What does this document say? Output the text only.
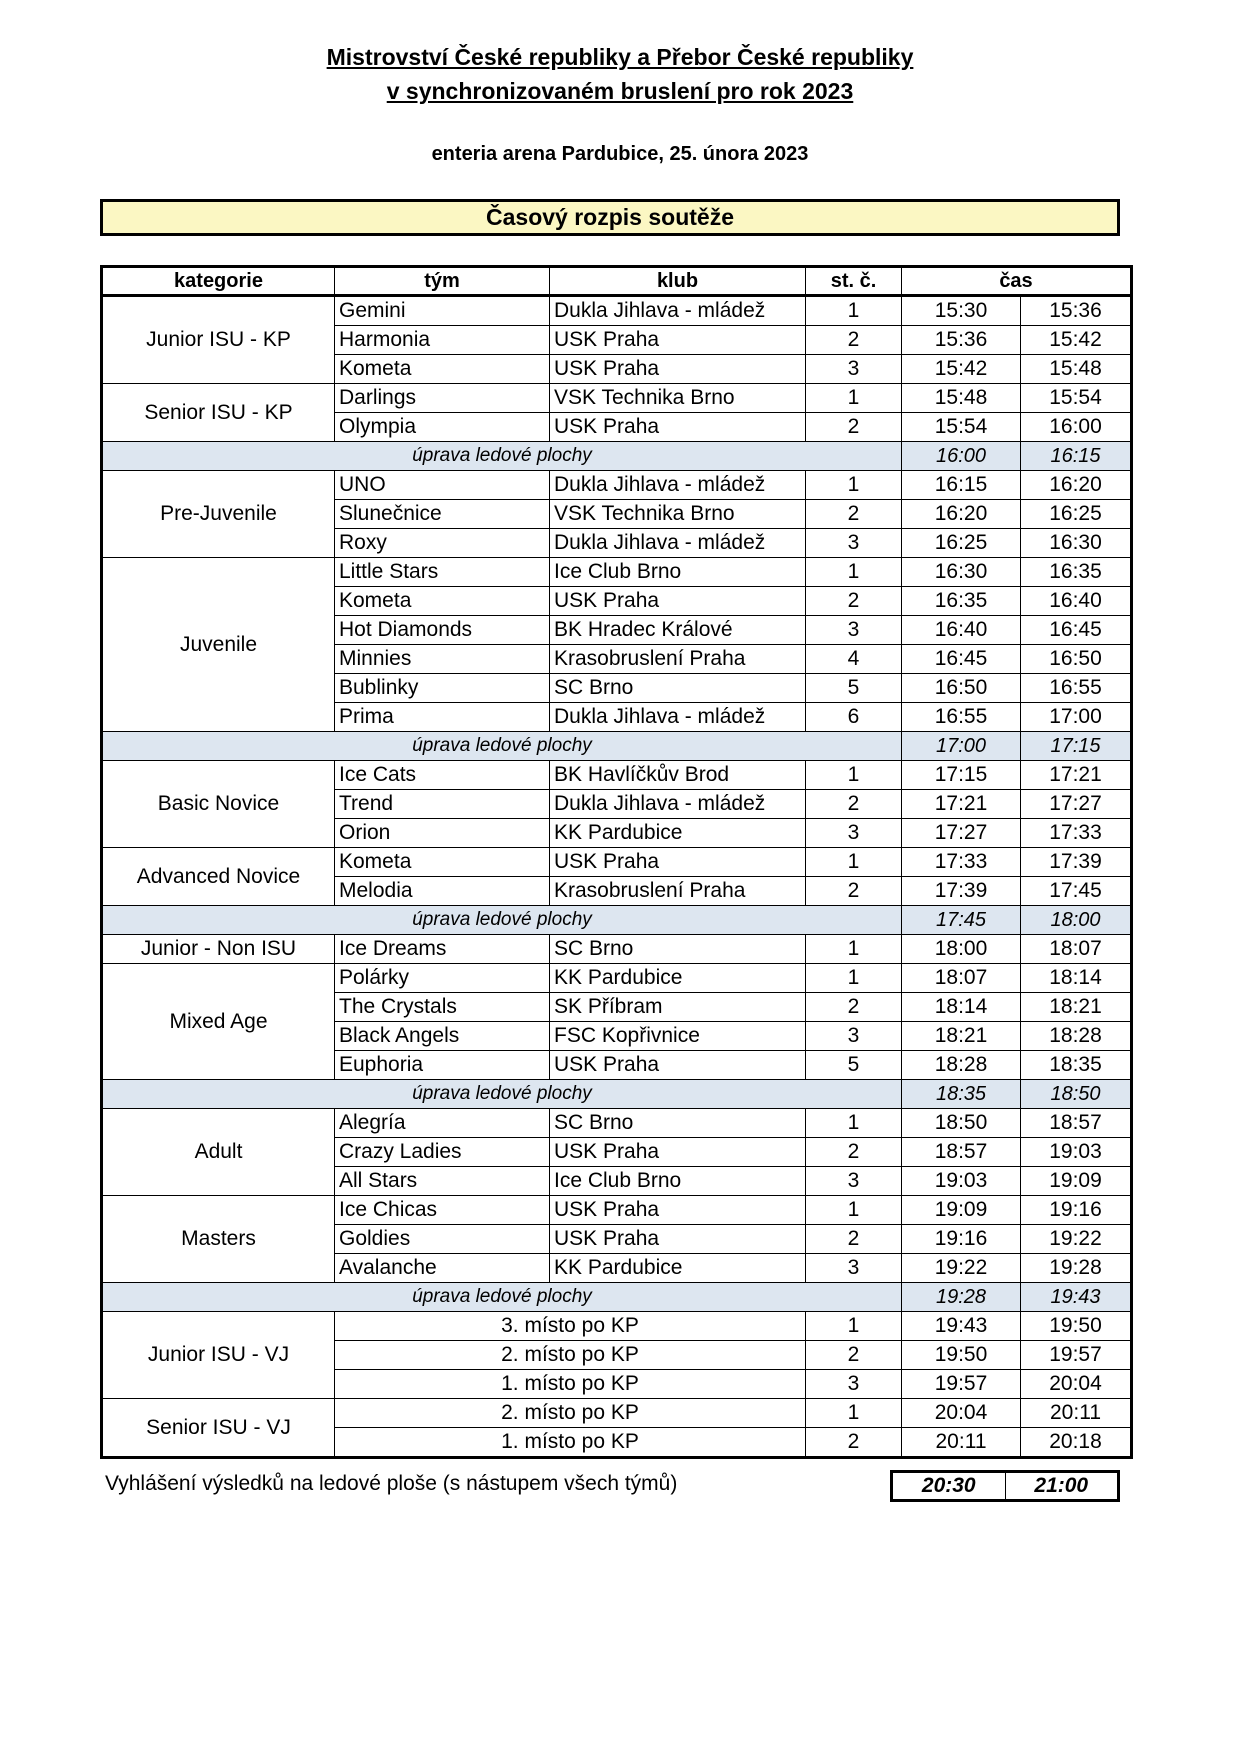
Mistrovství České republiky a Přebor České republiky
v synchronizovaném bruslení pro rok 2023
enteria arena Pardubice, 25. února 2023
Časový rozpis soutěže
kategorie	tým	klub	st. č.	čas	
Junior ISU - KP	Gemini	Dukla Jihlava - mládež	1	15:30	15:36
	Harmonia	USK Praha	2	15:36	15:42
	Kometa	USK Praha	3	15:42	15:48
Senior ISU - KP	Darlings	VSK Technika Brno	1	15:48	15:54
	Olympia	USK Praha	2	15:54	16:00
úprava ledové plochy				16:00	16:15
Pre-Juvenile	UNO	Dukla Jihlava - mládež	1	16:15	16:20
	Slunečnice	VSK Technika Brno	2	16:20	16:25
	Roxy	Dukla Jihlava - mládež	3	16:25	16:30
Juvenile	Little Stars	Ice Club Brno	1	16:30	16:35
	Kometa	USK Praha	2	16:35	16:40
	Hot Diamonds	BK Hradec Králové	3	16:40	16:45
	Minnies	Krasobruslení Praha	4	16:45	16:50
	Bublinky	SC Brno	5	16:50	16:55
	Prima	Dukla Jihlava - mládež	6	16:55	17:00
úprava ledové plochy				17:00	17:15
Basic Novice	Ice Cats	BK Havlíčkův Brod	1	17:15	17:21
	Trend	Dukla Jihlava - mládež	2	17:21	17:27
	Orion	KK Pardubice	3	17:27	17:33
Advanced Novice	Kometa	USK Praha	1	17:33	17:39
	Melodia	Krasobruslení Praha	2	17:39	17:45
úprava ledové plochy				17:45	18:00
Junior - Non ISU	Ice Dreams	SC Brno	1	18:00	18:07
Mixed Age	Polárky	KK Pardubice	1	18:07	18:14
	The Crystals	SK Příbram	2	18:14	18:21
	Black Angels	FSC Kopřivnice	3	18:21	18:28
	Euphoria	USK Praha	5	18:28	18:35
úprava ledové plochy				18:35	18:50
Adult	Alegría	SC Brno	1	18:50	18:57
	Crazy Ladies	USK Praha	2	18:57	19:03
	All Stars	Ice Club Brno	3	19:03	19:09
Masters	Ice Chicas	USK Praha	1	19:09	19:16
	Goldies	USK Praha	2	19:16	19:22
	Avalanche	KK Pardubice	3	19:22	19:28
úprava ledové plochy				19:28	19:43
Junior ISU - VJ	3. místo po KP		1	19:43	19:50
	2. místo po KP		2	19:50	19:57
	1. místo po KP		3	19:57	20:04
Senior ISU - VJ	2. místo po KP		1	20:04	20:11
	1. místo po KP		2	20:11	20:18
Vyhlášení výsledků na ledové ploše (s nástupem všech týmů)	20:30	21:00
